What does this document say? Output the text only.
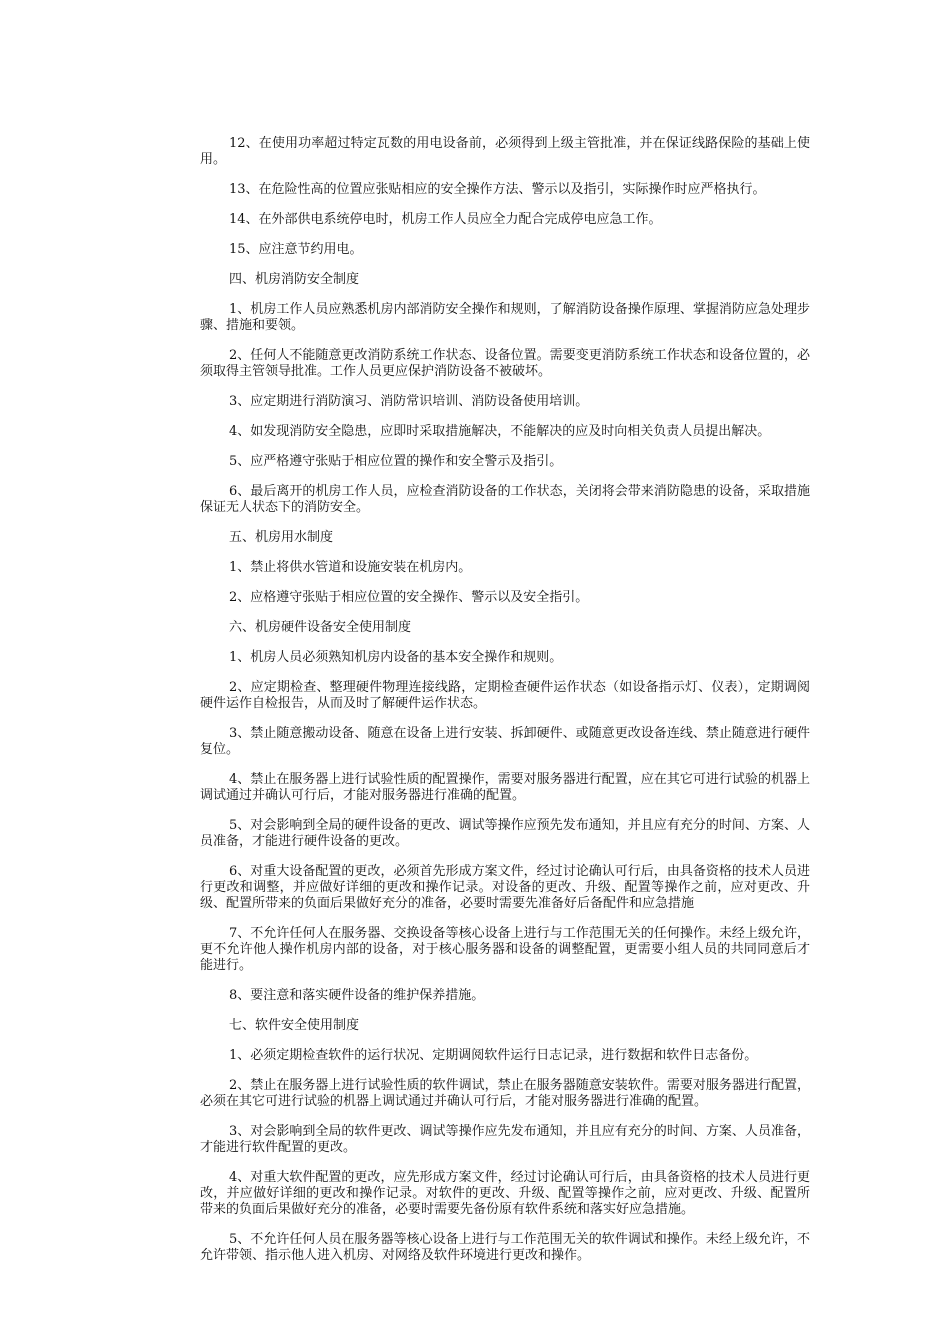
12、在使用功率超过特定瓦数的用电设备前，必须得到上级主管批准，并在保证线路保险的基础上使用。

13、在危险性高的位置应张贴相应的安全操作方法、警示以及指引，实际操作时应严格执行。

14、在外部供电系统停电时，机房工作人员应全力配合完成停电应急工作。

15、应注意节约用电。

四、机房消防安全制度

1、机房工作人员应熟悉机房内部消防安全操作和规则，了解消防设备操作原理、掌握消防应急处理步骤、措施和要领。

2、任何人不能随意更改消防系统工作状态、设备位置。需要变更消防系统工作状态和设备位置的，必须取得主管领导批准。工作人员更应保护消防设备不被破坏。

3、应定期进行消防演习、消防常识培训、消防设备使用培训。

4、如发现消防安全隐患，应即时采取措施解决，不能解决的应及时向相关负责人员提出解决。

5、应严格遵守张贴于相应位置的操作和安全警示及指引。

6、最后离开的机房工作人员，应检查消防设备的工作状态，关闭将会带来消防隐患的设备，采取措施保证无人状态下的消防安全。

五、机房用水制度

1、禁止将供水管道和设施安装在机房内。

2、应格遵守张贴于相应位置的安全操作、警示以及安全指引。

六、机房硬件设备安全使用制度

1、机房人员必须熟知机房内设备的基本安全操作和规则。

2、应定期检查、整理硬件物理连接线路，定期检查硬件运作状态（如设备指示灯、仪表），定期调阅硬件运作自检报告，从而及时了解硬件运作状态。

3、禁止随意搬动设备、随意在设备上进行安装、拆卸硬件、或随意更改设备连线、禁止随意进行硬件复位。

4、禁止在服务器上进行试验性质的配置操作，需要对服务器进行配置，应在其它可进行试验的机器上调试通过并确认可行后，才能对服务器进行准确的配置。

5、对会影响到全局的硬件设备的更改、调试等操作应预先发布通知，并且应有充分的时间、方案、人员准备，才能进行硬件设备的更改。

6、对重大设备配置的更改，必须首先形成方案文件，经过讨论确认可行后，由具备资格的技术人员进行更改和调整，并应做好详细的更改和操作记录。对设备的更改、升级、配置等操作之前，应对更改、升级、配置所带来的负面后果做好充分的准备，必要时需要先准备好后备配件和应急措施

7、不允许任何人在服务器、交换设备等核心设备上进行与工作范围无关的任何操作。未经上级允许，更不允许他人操作机房内部的设备，对于核心服务器和设备的调整配置，更需要小组人员的共同同意后才能进行。

8、要注意和落实硬件设备的维护保养措施。

七、软件安全使用制度

1、必须定期检查软件的运行状况、定期调阅软件运行日志记录，进行数据和软件日志备份。

2、禁止在服务器上进行试验性质的软件调试，禁止在服务器随意安装软件。需要对服务器进行配置，必须在其它可进行试验的机器上调试通过并确认可行后，才能对服务器进行准确的配置。

3、对会影响到全局的软件更改、调试等操作应先发布通知，并且应有充分的时间、方案、人员准备，才能进行软件配置的更改。

4、对重大软件配置的更改，应先形成方案文件，经过讨论确认可行后，由具备资格的技术人员进行更改，并应做好详细的更改和操作记录。对软件的更改、升级、配置等操作之前，应对更改、升级、配置所带来的负面后果做好充分的准备，必要时需要先备份原有软件系统和落实好应急措施。

5、不允许任何人员在服务器等核心设备上进行与工作范围无关的软件调试和操作。未经上级允许，不允许带领、指示他人进入机房、对网络及软件环境进行更改和操作。
